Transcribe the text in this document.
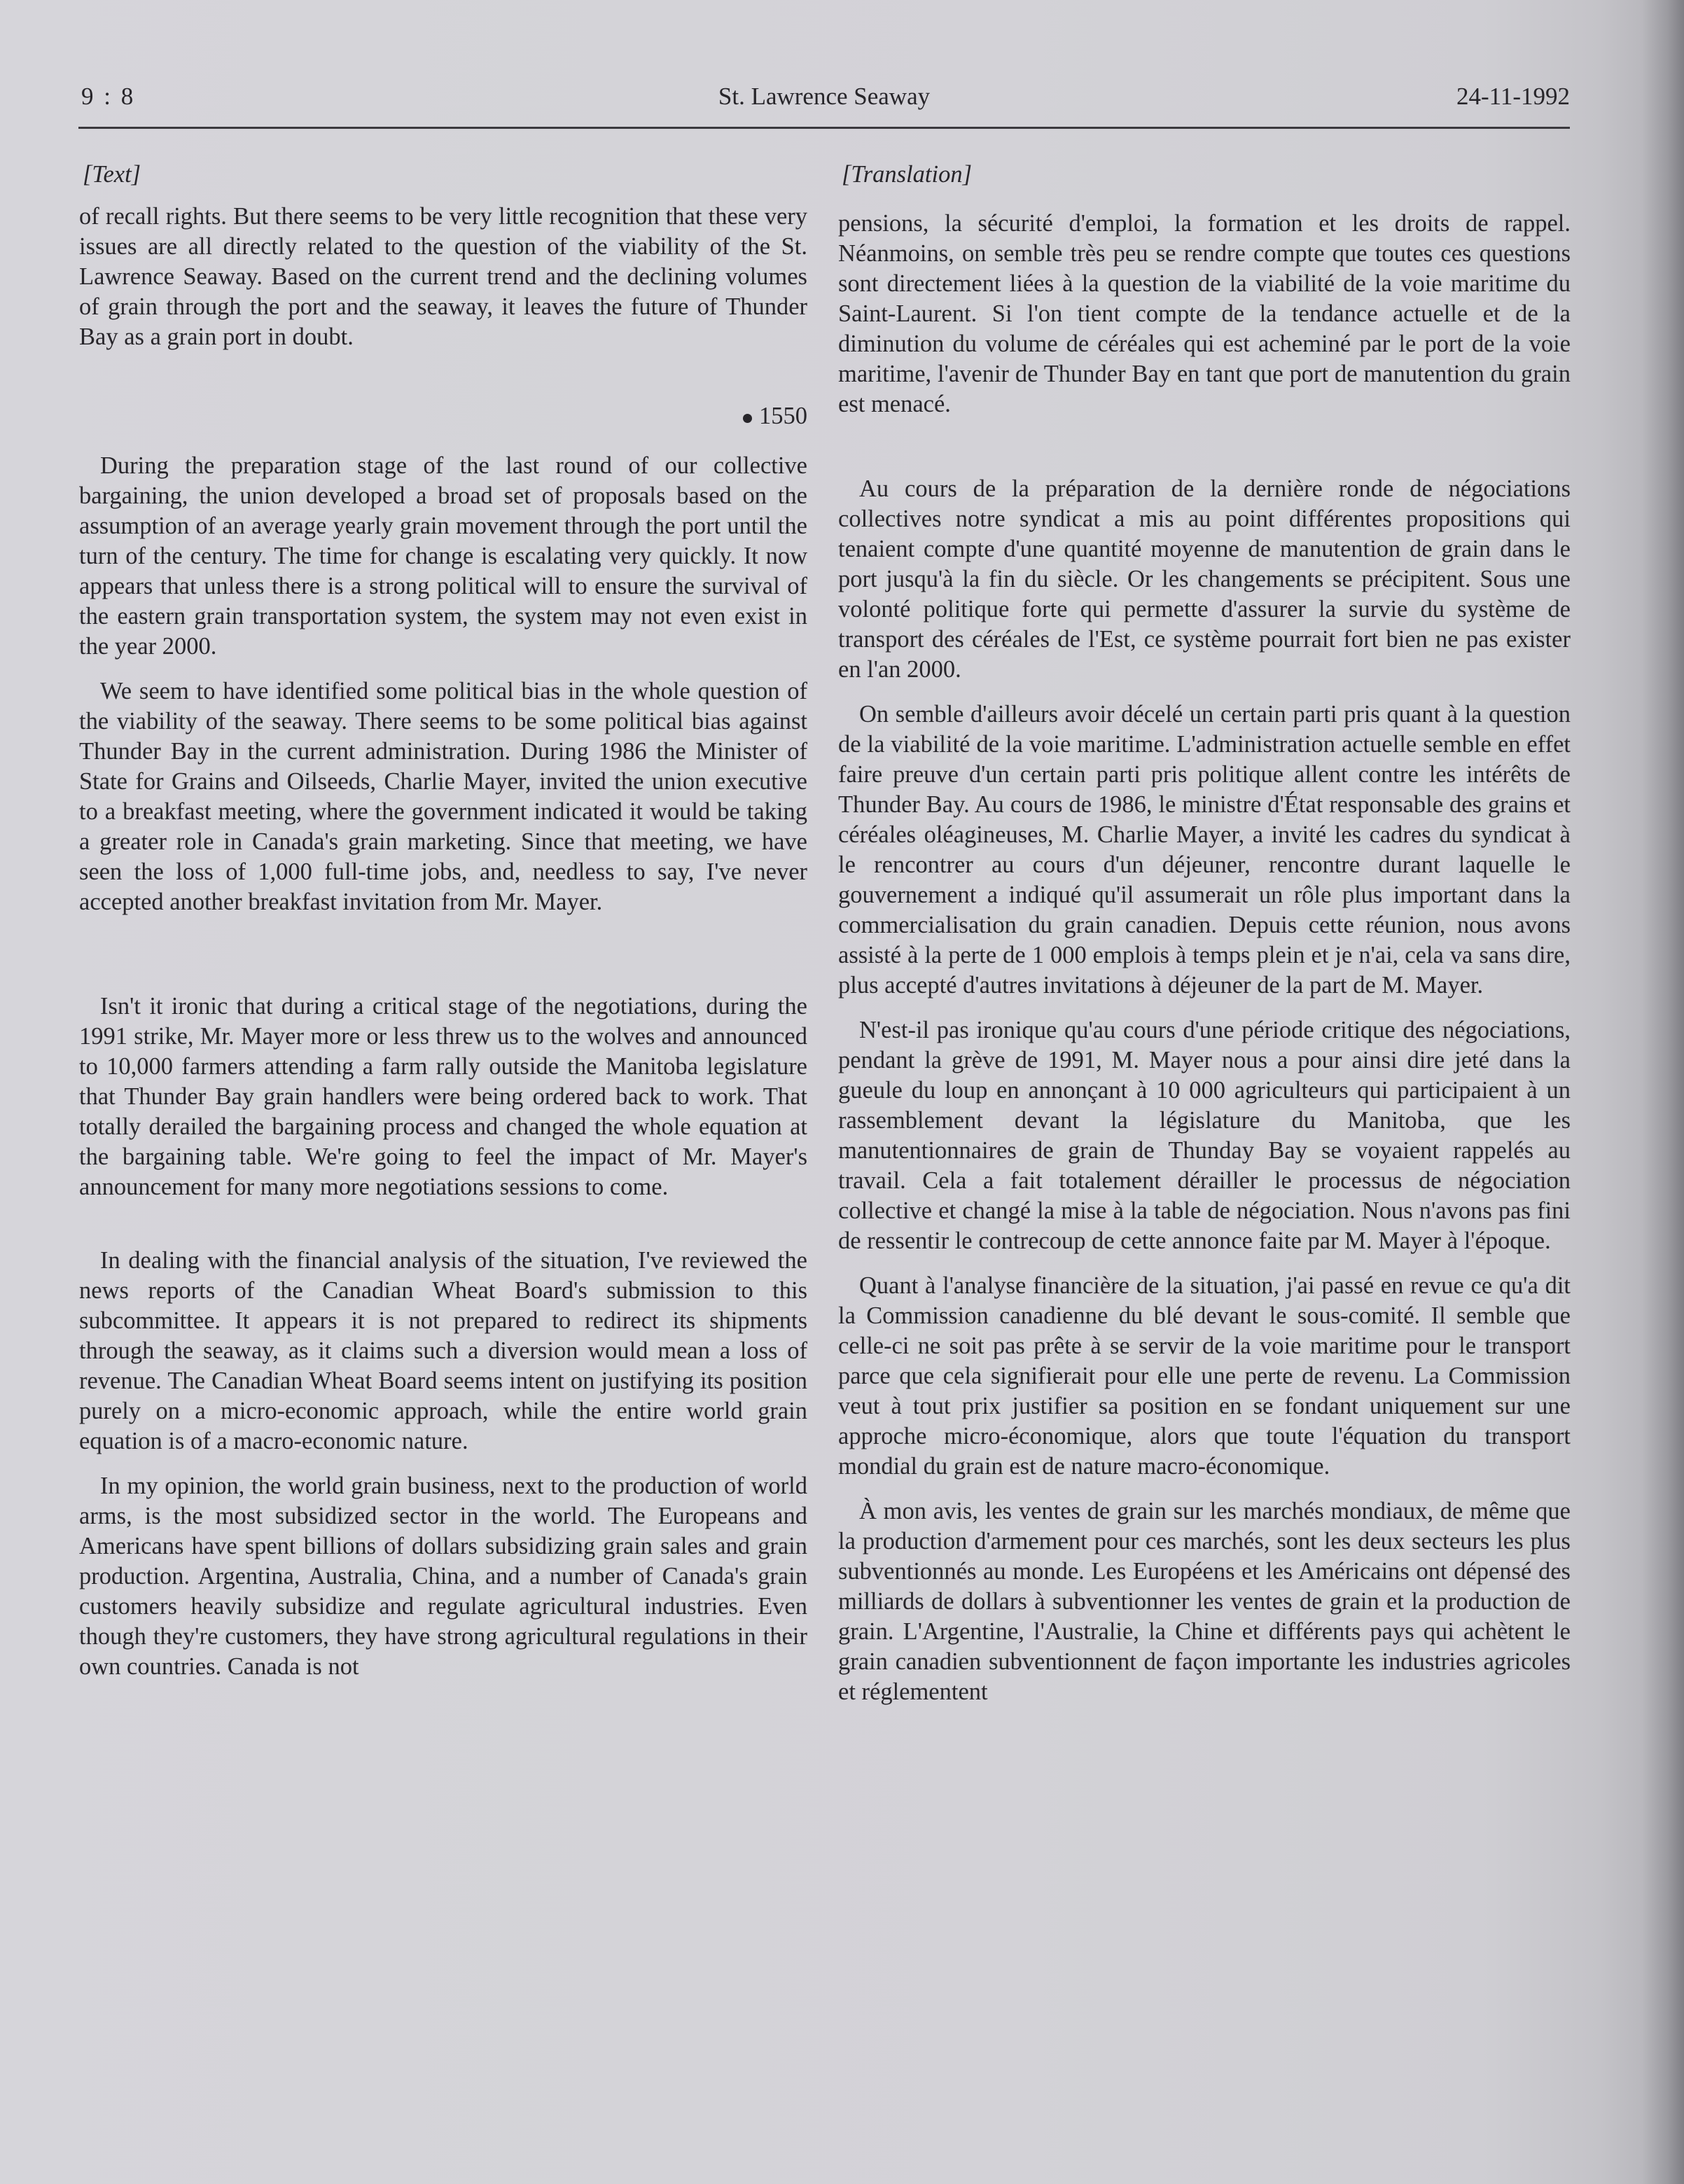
9 : 8	St. Lawrence Seaway	24-11-1992
[Text]

of recall rights. But there seems to be very little recognition that these very issues are all directly related to the question of the viability of the St. Lawrence Seaway. Based on the current trend and the declining volumes of grain through the port and the seaway, it leaves the future of Thunder Bay as a grain port in doubt.

1550

During the preparation stage of the last round of our collective bargaining, the union developed a broad set of proposals based on the assumption of an average yearly grain movement through the port until the turn of the century. The time for change is escalating very quickly. It now appears that unless there is a strong political will to ensure the survival of the eastern grain transportation system, the system may not even exist in the year 2000.

We seem to have identified some political bias in the whole question of the viability of the seaway. There seems to be some political bias against Thunder Bay in the current administration. During 1986 the Minister of State for Grains and Oilseeds, Charlie Mayer, invited the union executive to a breakfast meeting, where the government indicated it would be taking a greater role in Canada's grain marketing. Since that meeting, we have seen the loss of 1,000 full-time jobs, and, needless to say, I've never accepted another breakfast invitation from Mr. Mayer.

Isn't it ironic that during a critical stage of the negotiations, during the 1991 strike, Mr. Mayer more or less threw us to the wolves and announced to 10,000 farmers attending a farm rally outside the Manitoba legislature that Thunder Bay grain handlers were being ordered back to work. That totally derailed the bargaining process and changed the whole equation at the bargaining table. We're going to feel the impact of Mr. Mayer's announcement for many more negotiations sessions to come.

In dealing with the financial analysis of the situation, I've reviewed the news reports of the Canadian Wheat Board's submission to this subcommittee. It appears it is not prepared to redirect its shipments through the seaway, as it claims such a diversion would mean a loss of revenue. The Canadian Wheat Board seems intent on justifying its position purely on a micro-economic approach, while the entire world grain equation is of a macro-economic nature.

In my opinion, the world grain business, next to the production of world arms, is the most subsidized sector in the world. The Europeans and Americans have spent billions of dollars subsidizing grain sales and grain production. Argentina, Australia, China, and a number of Canada's grain customers heavily subsidize and regulate agricultural industries. Even though they're customers, they have strong agricultural regulations in their own countries. Canada is not

[Translation]

pensions, la sécurité d'emploi, la formation et les droits de rappel. Néanmoins, on semble très peu se rendre compte que toutes ces questions sont directement liées à la question de la viabilité de la voie maritime du Saint-Laurent. Si l'on tient compte de la tendance actuelle et de la diminution du volume de céréales qui est acheminé par le port de la voie maritime, l'avenir de Thunder Bay en tant que port de manutention du grain est menacé.

Au cours de la préparation de la dernière ronde de négociations collectives notre syndicat a mis au point différentes propositions qui tenaient compte d'une quantité moyenne de manutention de grain dans le port jusqu'à la fin du siècle. Or les changements se précipitent. Sous une volonté politique forte qui permette d'assurer la survie du système de transport des céréales de l'Est, ce système pourrait fort bien ne pas exister en l'an 2000.

On semble d'ailleurs avoir décelé un certain parti pris quant à la question de la viabilité de la voie maritime. L'administration actuelle semble en effet faire preuve d'un certain parti pris politique allent contre les intérêts de Thunder Bay. Au cours de 1986, le ministre d'État responsable des grains et céréales oléagineuses, M. Charlie Mayer, a invité les cadres du syndicat à le rencontrer au cours d'un déjeuner, rencontre durant laquelle le gouvernement a indiqué qu'il assumerait un rôle plus important dans la commercialisation du grain canadien. Depuis cette réunion, nous avons assisté à la perte de 1 000 emplois à temps plein et je n'ai, cela va sans dire, plus accepté d'autres invitations à déjeuner de la part de M. Mayer.

N'est-il pas ironique qu'au cours d'une période critique des négociations, pendant la grève de 1991, M. Mayer nous a pour ainsi dire jeté dans la gueule du loup en annonçant à 10 000 agriculteurs qui participaient à un rassemblement devant la législature du Manitoba, que les manutentionnaires de grain de Thunday Bay se voyaient rappelés au travail. Cela a fait totalement dérailler le processus de négociation collective et changé la mise à la table de négociation. Nous n'avons pas fini de ressentir le contrecoup de cette annonce faite par M. Mayer à l'époque.

Quant à l'analyse financière de la situation, j'ai passé en revue ce qu'a dit la Commission canadienne du blé devant le sous-comité. Il semble que celle-ci ne soit pas prête à se servir de la voie maritime pour le transport parce que cela signifierait pour elle une perte de revenu. La Commission veut à tout prix justifier sa position en se fondant uniquement sur une approche micro-économique, alors que toute l'équation du transport mondial du grain est de nature macro-économique.

À mon avis, les ventes de grain sur les marchés mondiaux, de même que la production d'armement pour ces marchés, sont les deux secteurs les plus subventionnés au monde. Les Européens et les Américains ont dépensé des milliards de dollars à subventionner les ventes de grain et la production de grain. L'Argentine, l'Australie, la Chine et différents pays qui achètent le grain canadien subventionnent de façon importante les industries agricoles et réglementent
